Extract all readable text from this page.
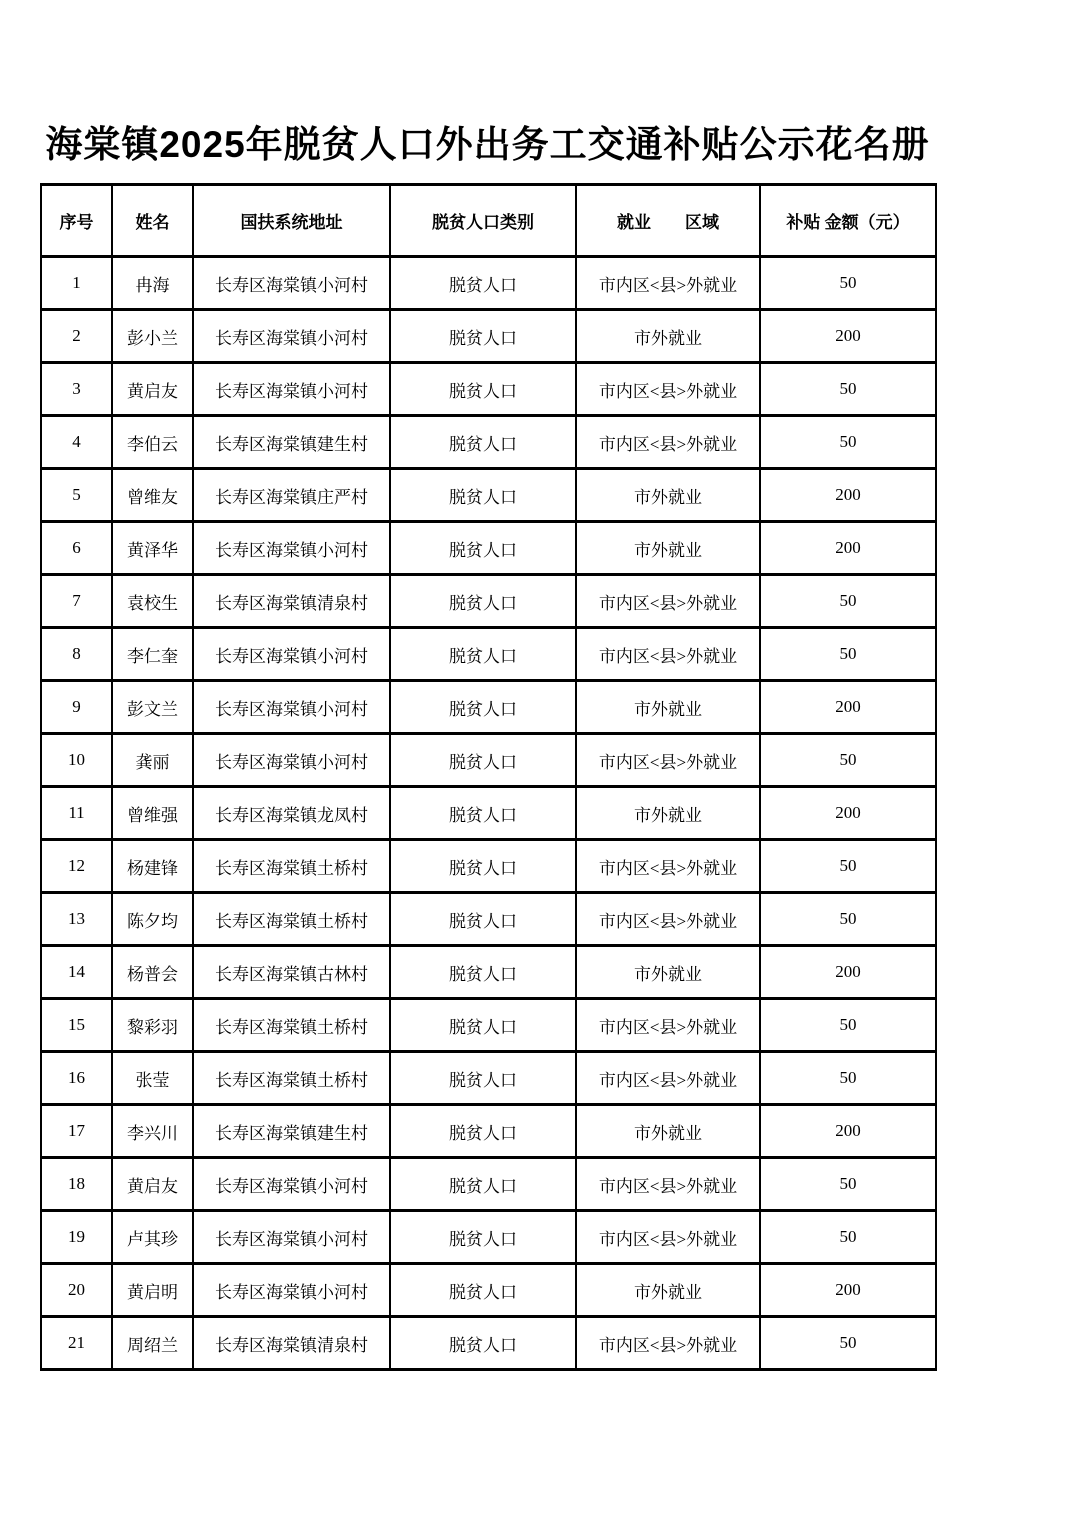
海棠镇2025年脱贫人口外出务工交通补贴公示花名册
序号	姓名	国扶系统地址	脱贫人口类别	就业　　区域	补贴 金额（元）
1	冉海	长寿区海棠镇小河村	脱贫人口	市内区<县>外就业	50
2	彭小兰	长寿区海棠镇小河村	脱贫人口	市外就业	200
3	黄启友	长寿区海棠镇小河村	脱贫人口	市内区<县>外就业	50
4	李伯云	长寿区海棠镇建生村	脱贫人口	市内区<县>外就业	50
5	曾维友	长寿区海棠镇庄严村	脱贫人口	市外就业	200
6	黄泽华	长寿区海棠镇小河村	脱贫人口	市外就业	200
7	袁校生	长寿区海棠镇清泉村	脱贫人口	市内区<县>外就业	50
8	李仁奎	长寿区海棠镇小河村	脱贫人口	市内区<县>外就业	50
9	彭文兰	长寿区海棠镇小河村	脱贫人口	市外就业	200
10	龚丽	长寿区海棠镇小河村	脱贫人口	市内区<县>外就业	50
11	曾维强	长寿区海棠镇龙凤村	脱贫人口	市外就业	200
12	杨建锋	长寿区海棠镇土桥村	脱贫人口	市内区<县>外就业	50
13	陈夕均	长寿区海棠镇土桥村	脱贫人口	市内区<县>外就业	50
14	杨普会	长寿区海棠镇古林村	脱贫人口	市外就业	200
15	黎彩羽	长寿区海棠镇土桥村	脱贫人口	市内区<县>外就业	50
16	张莹	长寿区海棠镇土桥村	脱贫人口	市内区<县>外就业	50
17	李兴川	长寿区海棠镇建生村	脱贫人口	市外就业	200
18	黄启友	长寿区海棠镇小河村	脱贫人口	市内区<县>外就业	50
19	卢其珍	长寿区海棠镇小河村	脱贫人口	市内区<县>外就业	50
20	黄启明	长寿区海棠镇小河村	脱贫人口	市外就业	200
21	周绍兰	长寿区海棠镇清泉村	脱贫人口	市内区<县>外就业	50
